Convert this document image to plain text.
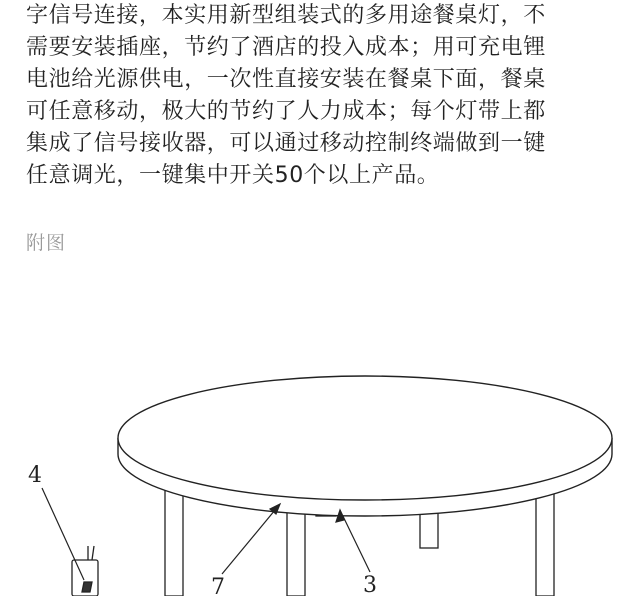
字信号连接，本实用新型组装式的多用途餐桌灯，不
需要安装插座，节约了酒店的投入成本；用可充电锂
电池给光源供电，一次性直接安装在餐桌下面，餐桌
可任意移动，极大的节约了人力成本；每个灯带上都
集成了信号接收器，可以通过移动控制终端做到一键
任意调光，一键集中开关50个以上产品。
附图
4
7	3
